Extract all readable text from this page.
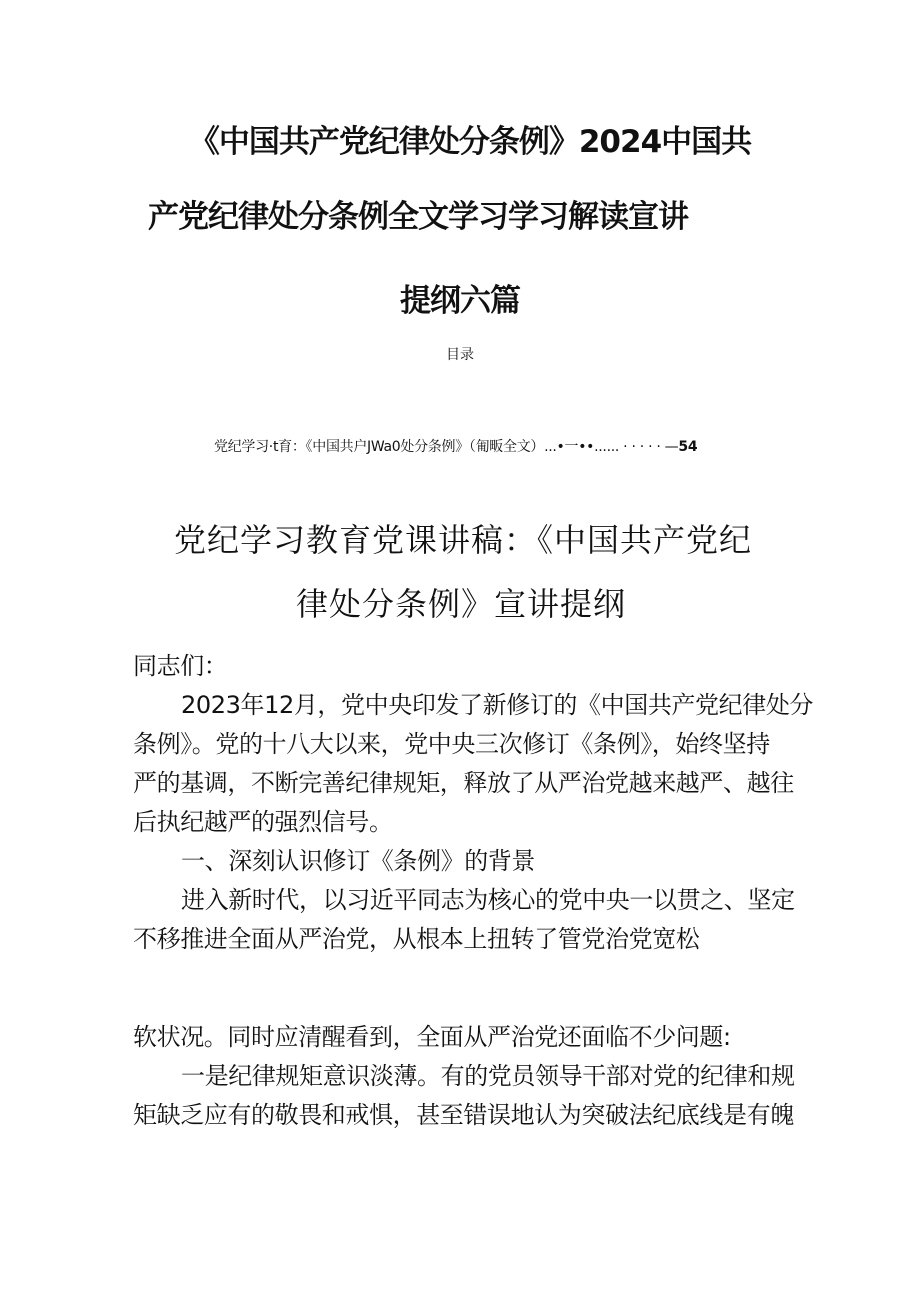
《中国共产党纪律处分条例》2024中国共
产党纪律处分条例全文学习学习解读宣讲
提纲六篇
目录
党纪学习·t育：《中国共户JWa0处分条例》（匍畈全文）...•一••...... · · · · · —54
党纪学习教育党课讲稿：《中国共产党纪
律处分条例》宣讲提纲

同志们：

2023年12月，党中央印发了新修订的《中国共产党纪律处分

条例》。党的十八大以来，党中央三次修订《条例》，始终坚持

严的基调，不断完善纪律规矩，释放了从严治党越来越严、越往

后执纪越严的强烈信号。

一、深刻认识修订《条例》的背景

进入新时代，以习近平同志为核心的党中央一以贯之、坚定

不移推进全面从严治党，从根本上扭转了管党治党宽松

软状况。同时应清醒看到，全面从严治党还面临不少问题:

一是纪律规矩意识淡薄。有的党员领导干部对党的纪律和规

矩缺乏应有的敬畏和戒惧，甚至错误地认为突破法纪底线是有魄
